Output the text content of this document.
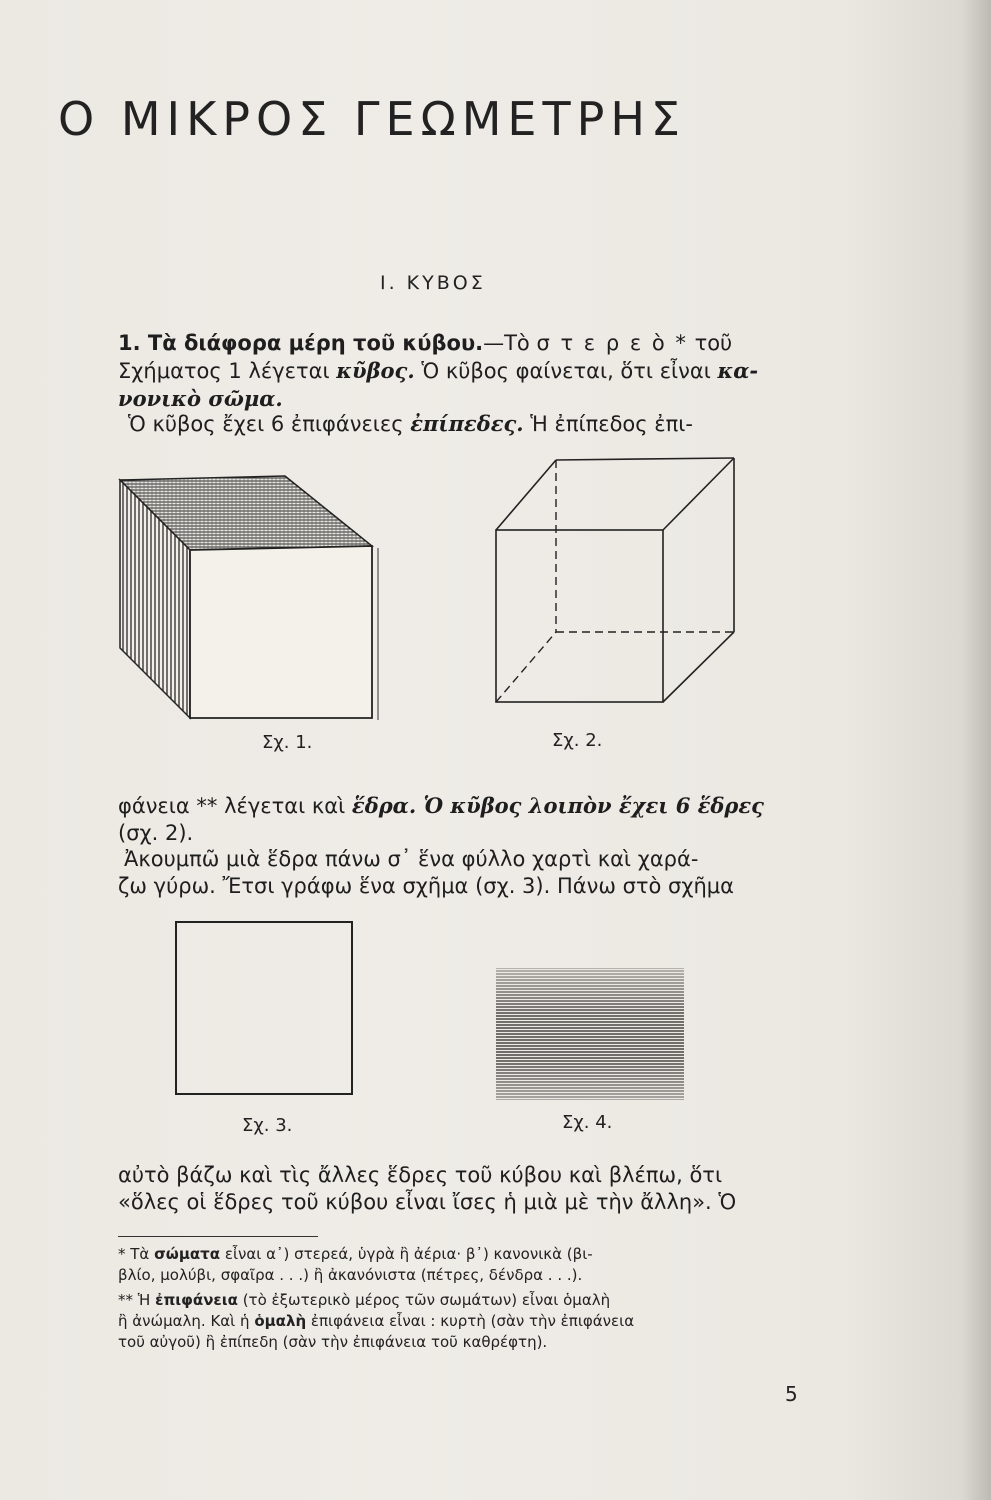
Ο ΜΙΚΡΟΣ ΓΕΩΜΕΤΡΗΣ
Ι. ΚΥΒΟΣ
1. Τὰ διάφορα μέρη τοῦ κύβου.—Τὸ σ τ ε ρ ε ὸ * τοῦ
Σχήματος 1 λέγεται κῦβος. Ὁ κῦβος φαίνεται, ὅτι εἶναι κα-
νονικὸ σῶμα.
Ὁ κῦβος ἔχει 6 ἐπιφάνειες ἐπίπεδες. Ἡ ἐπίπεδος ἐπι-
Σχ. 1.	Σχ. 2.
φάνεια ** λέγεται καὶ ἕδρα. Ὁ κῦβος λοιπὸν ἔχει 6 ἕδρες
(σχ. 2).
Ἀκουμπῶ μιὰ ἕδρα πάνω σ᾽ ἕνα φύλλο χαρτὶ καὶ χαρά-
ζω γύρω. Ἔτσι γράφω ἕνα σχῆμα (σχ. 3). Πάνω στὸ σχῆμα
Σχ. 3.	Σχ. 4.
αὐτὸ βάζω καὶ τὶς ἄλλες ἕδρες τοῦ κύβου καὶ βλέπω, ὅτι
«ὅλες οἱ ἕδρες τοῦ κύβου εἶναι ἴσες ἡ μιὰ μὲ τὴν ἄλλη». Ὁ
* Τὰ σώματα εἶναι α᾽) στερεά, ὑγρὰ ἢ ἀέρια· β᾽) κανονικὰ (βι-
βλίο, μολύβι, σφαῖρα . . .) ἢ ἀκανόνιστα (πέτρες, δένδρα . . .).
** Ἡ ἐπιφάνεια (τὸ ἐξωτερικὸ μέρος τῶν σωμάτων) εἶναι ὁμαλὴ
ἢ ἀνώμαλη. Καὶ ἡ ὁμαλὴ ἐπιφάνεια εἶναι : κυρτὴ (σὰν τὴν ἐπιφάνεια
τοῦ αὐγοῦ) ἢ ἐπίπεδη (σὰν τὴν ἐπιφάνεια τοῦ καθρέφτη).
5
